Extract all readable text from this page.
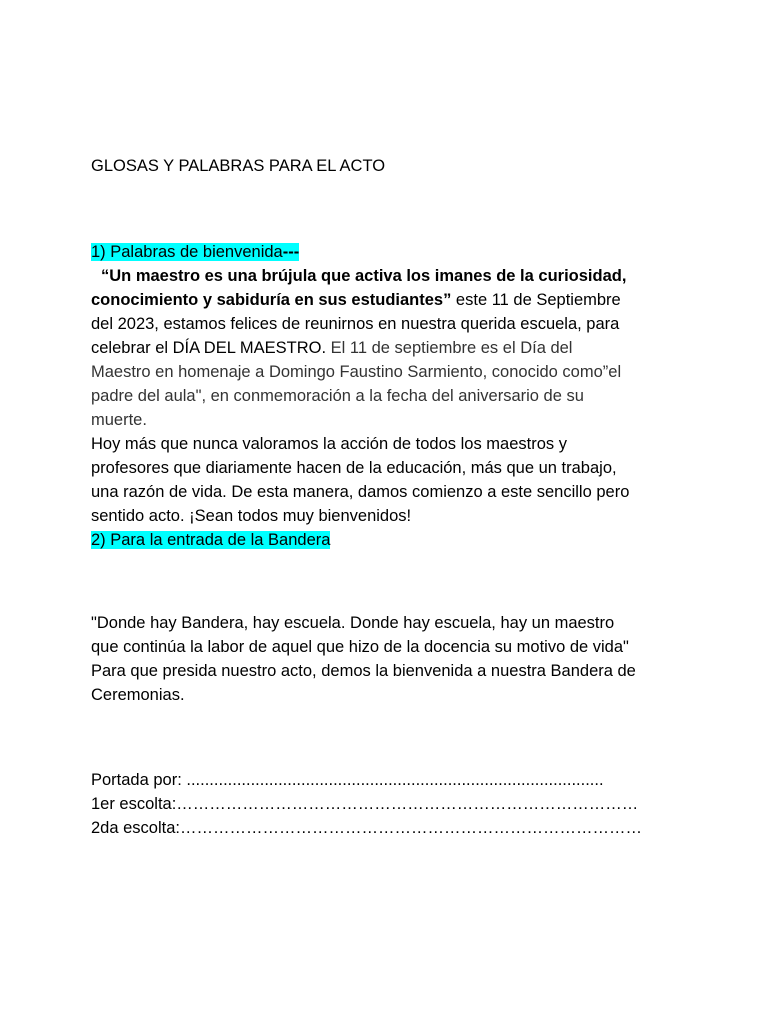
GLOSAS Y PALABRAS PARA EL ACTO
1) Palabras de bienvenida---
“Un maestro es una brújula que activa los imanes de la curiosidad,
conocimiento y sabiduría en sus estudiantes” este 11 de Septiembre
del 2023, estamos felices de reunirnos en nuestra querida escuela, para
celebrar el DÍA DEL MAESTRO. El 11 de septiembre es el Día del
Maestro en homenaje a Domingo Faustino Sarmiento, conocido como”el
padre del aula", en conmemoración a la fecha del aniversario de su
muerte.
Hoy más que nunca valoramos la acción de todos los maestros y
profesores que diariamente hacen de la educación, más que un trabajo,
una razón de vida. De esta manera, damos comienzo a este sencillo pero
sentido acto. ¡Sean todos muy bienvenidos!
2) Para la entrada de la Bandera
"Donde hay Bandera, hay escuela. Donde hay escuela, hay un maestro
que continúa la labor de aquel que hizo de la docencia su motivo de vida"
Para que presida nuestro acto, demos la bienvenida a nuestra Bandera de
Ceremonias.
Portada por: ...........................................................................................
1er escolta:…………………………………………………………………………
2da escolta:…………………………………………………………………………
